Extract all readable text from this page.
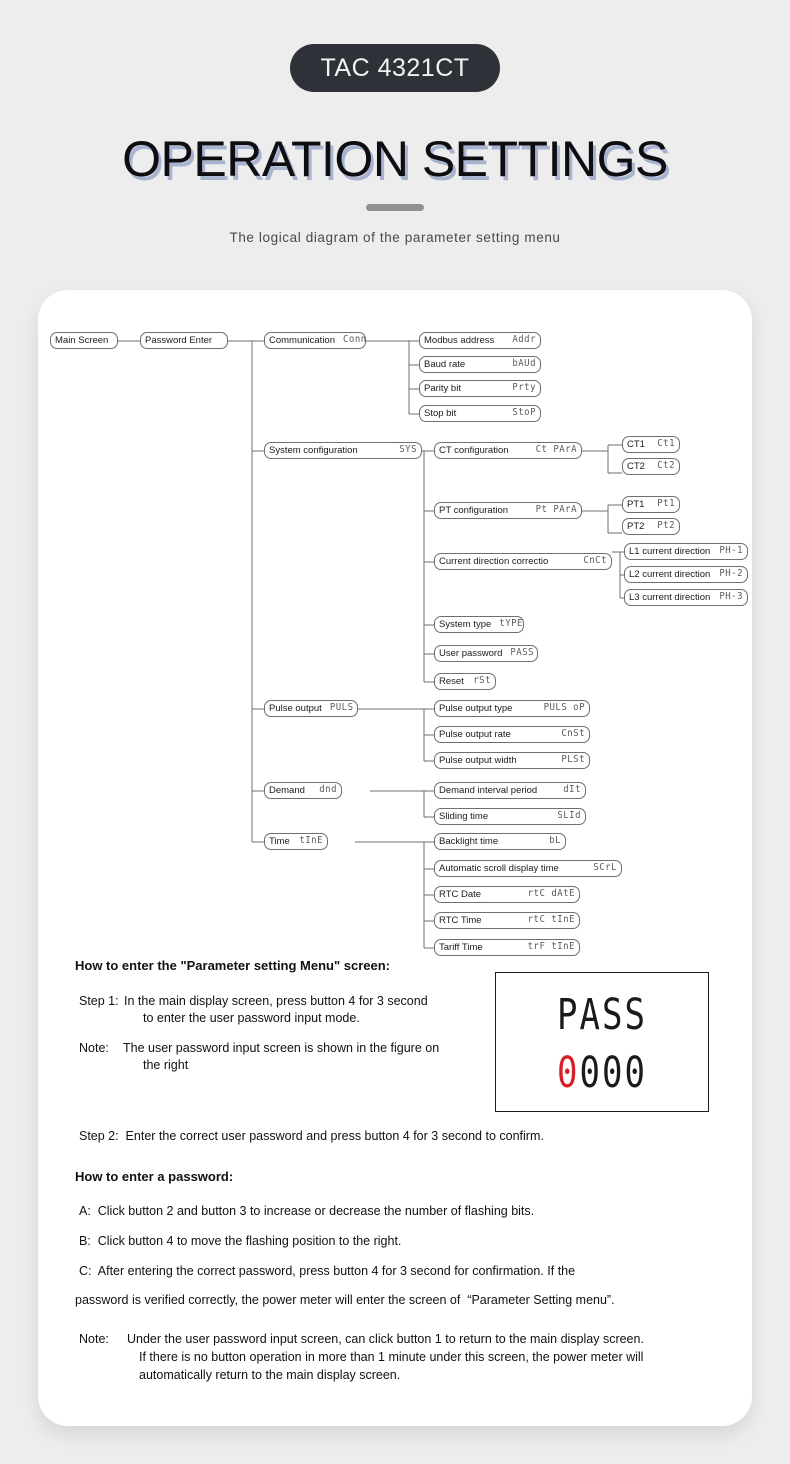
TAC 4321CT
OPERATION SETTINGS
The logical diagram of the parameter setting menu
Main Screen	Password Enter	Communication Conn
System configuration	SYS
Pulse output PULS
Demand	dnd
Time	tInE
Modbus address	Addr
Baud rate	bAUd
Parity bit	Prty
Stop bit	StoP
CT configuration	Ct PArA
PT configuration	Pt PArA
Current direction correctio	CnCt
System type tYPE
User password PASS
Reset	rSt
CT1	Ct1
CT2	Ct2
PT1	Pt1
PT2	Pt2
L1 current direction PH-1
L2 current direction PH-2
L3 current direction PH-3
Pulse output type	PULS oP
Pulse output rate	CnSt
Pulse output width	PLSt
Demand interval period	dIt
Sliding time	SLId
Backlight time	bL
Automatic scroll display time	SCrL
RTC Date	rtC dAtE
RTC Time	rtC tInE
Tariff Time	trF tInE
How to enter the "Parameter setting Menu" screen:
Step 1: In the main display screen, press button 4 for 3 second
to enter the user password input mode.
Note: The user password input screen is shown in the figure on
the right
Step 2:  Enter the correct user password and press button 4 for 3 second to confirm.
How to enter a password:
A:  Click button 2 and button 3 to increase or decrease the number of flashing bits.
B:  Click button 4 to move the flashing position to the right.
C:  After entering the correct password, press button 4 for 3 second for confirmation. If the
password is verified correctly, the power meter will enter the screen of  “Parameter Setting menu”.
Note: Under the user password input screen, can click button 1 to return to the main display screen.
If there is no button operation in more than 1 minute under this screen, the power meter will
automatically return to the main display screen.
PASS
0000
